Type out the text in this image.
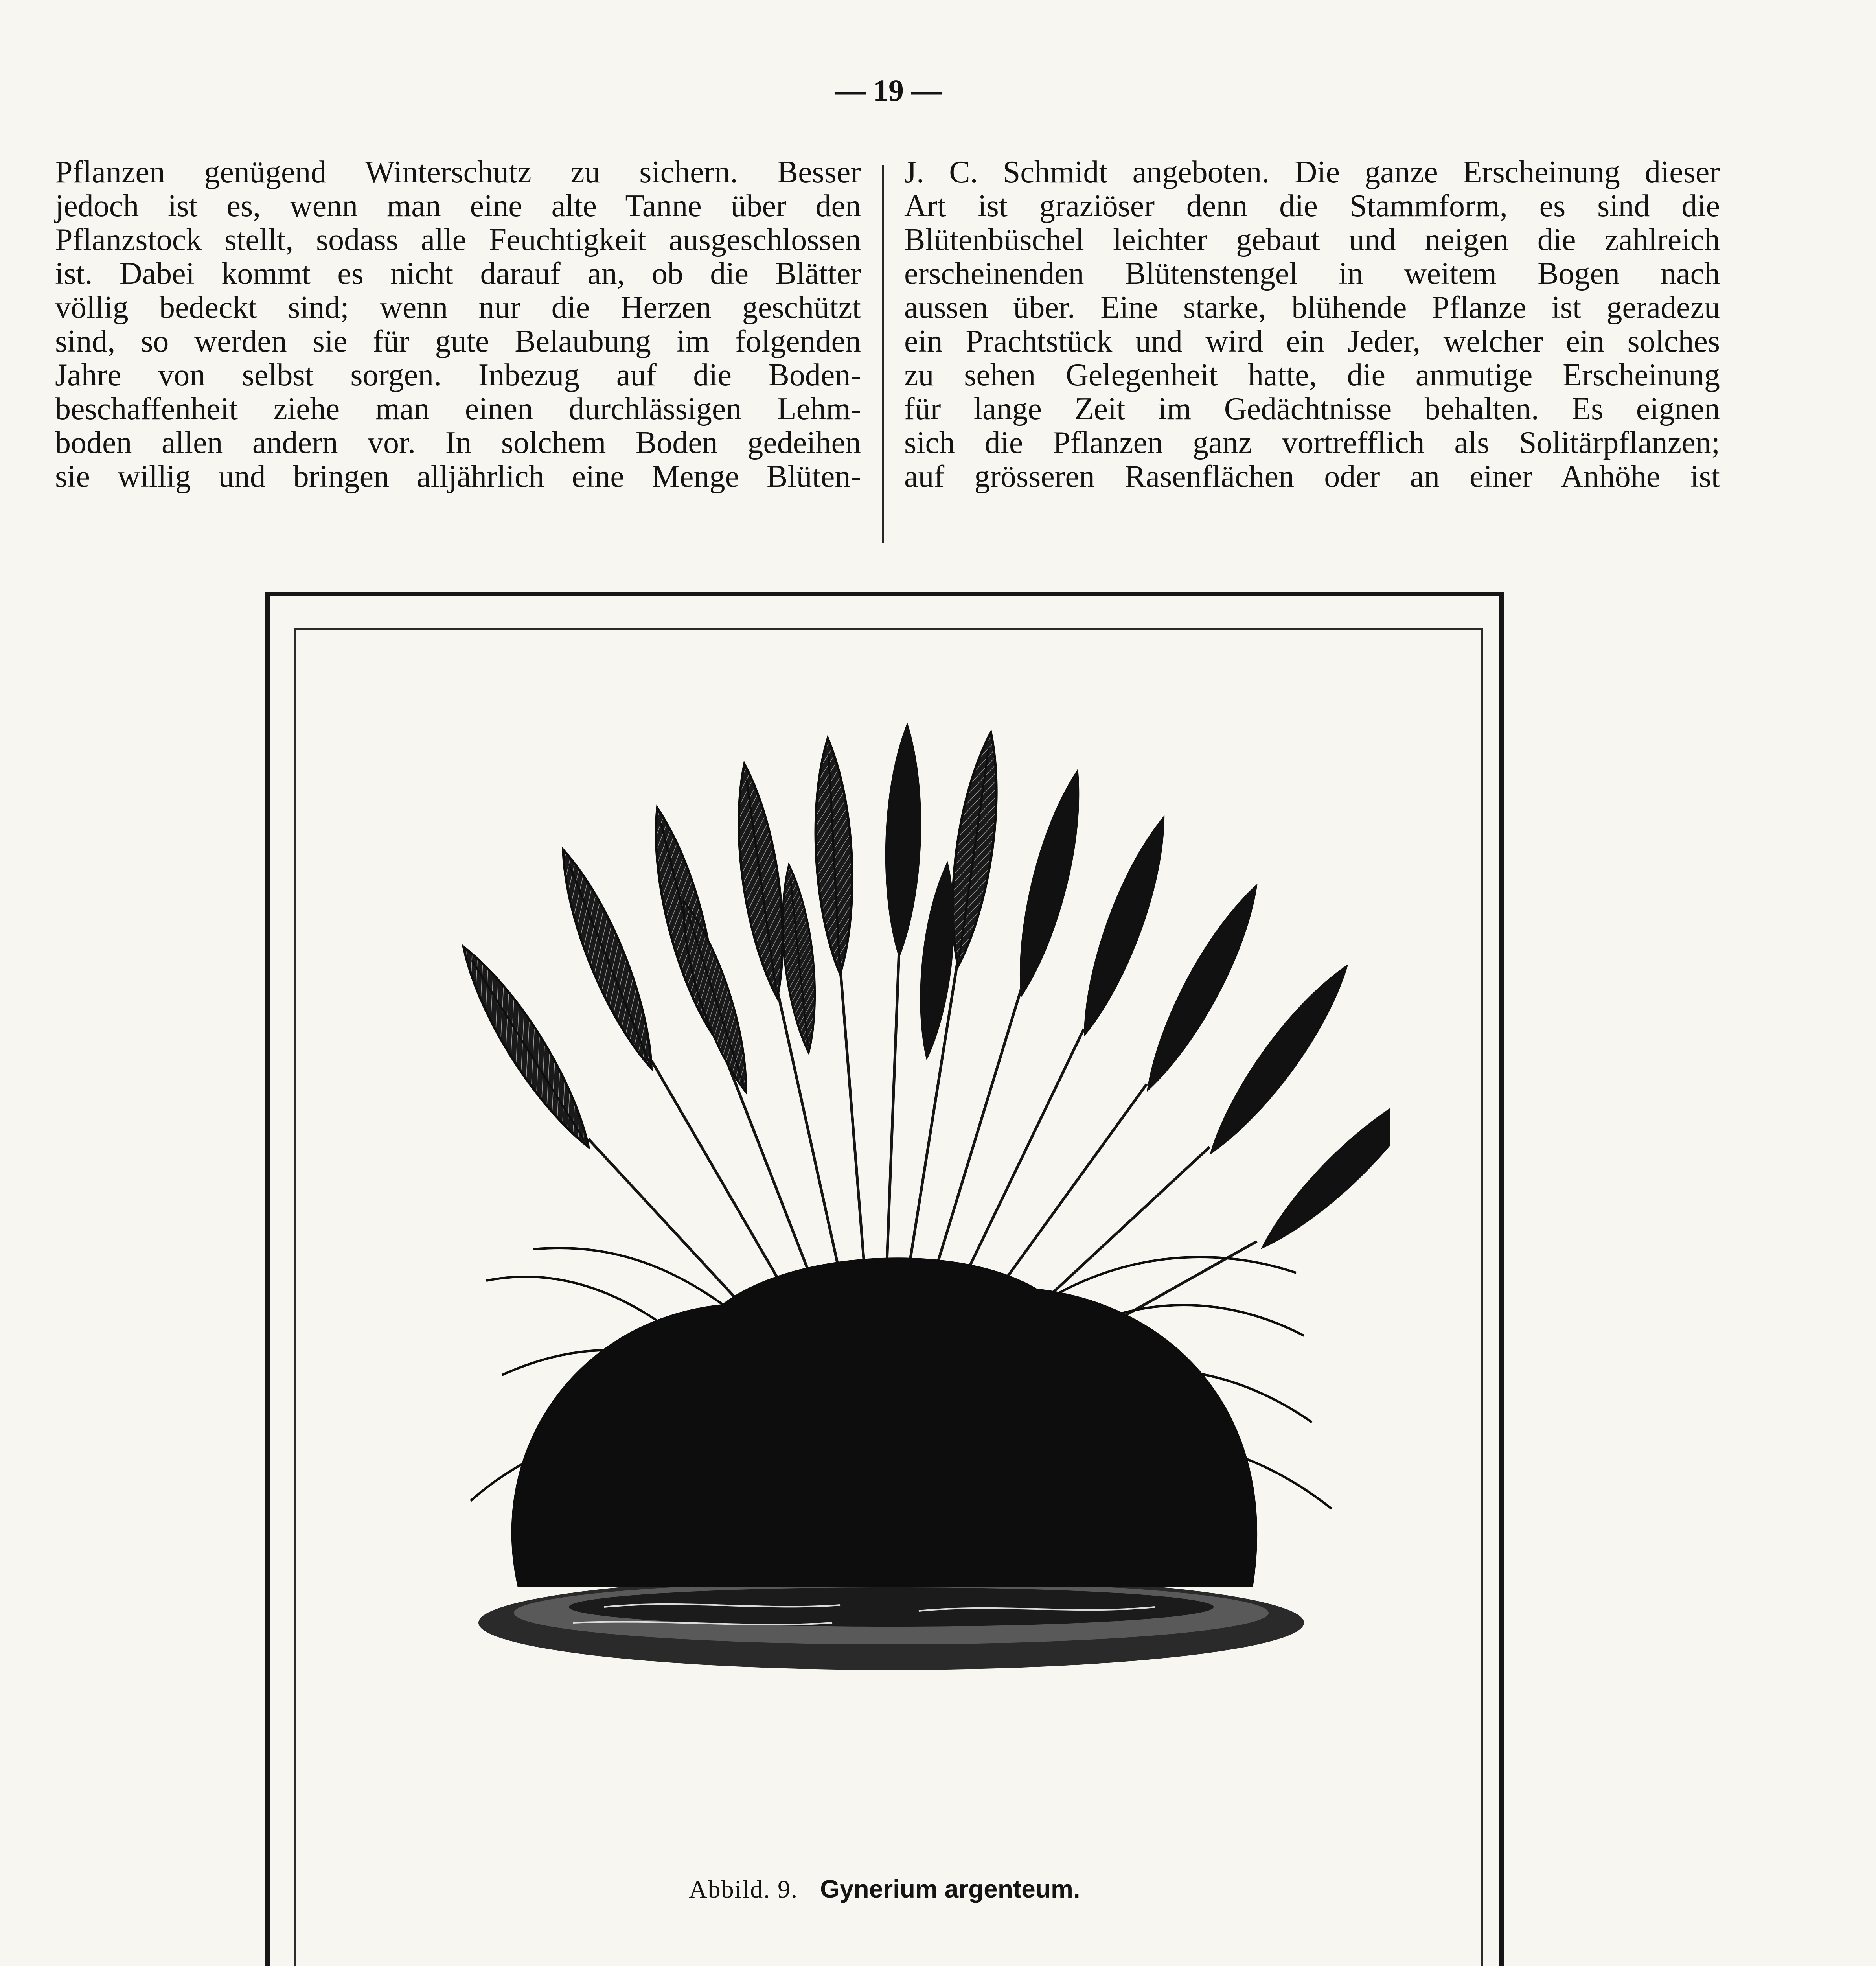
— 19 —
Pflanzen genügend Winterschutz zu sichern. Besser
jedoch ist es, wenn man eine alte Tanne über den
Pflanzstock stellt, sodass alle Feuchtigkeit ausgeschlossen
ist. Dabei kommt es nicht darauf an, ob die Blätter
völlig bedeckt sind; wenn nur die Herzen geschützt
sind, so werden sie für gute Belaubung im folgenden
Jahre von selbst sorgen. Inbezug auf die Boden-
beschaffenheit ziehe man einen durchlässigen Lehm-
boden allen andern vor. In solchem Boden gedeihen
sie willig und bringen alljährlich eine Menge Blüten-
J. C. Schmidt angeboten. Die ganze Erscheinung dieser
Art ist graziöser denn die Stammform, es sind die
Blütenbüschel leichter gebaut und neigen die zahlreich
erscheinenden Blütenstengel in weitem Bogen nach
aussen über. Eine starke, blühende Pflanze ist geradezu
ein Prachtstück und wird ein Jeder, welcher ein solches
zu sehen Gelegenheit hatte, die anmutige Erscheinung
für lange Zeit im Gedächtnisse behalten. Es eignen
sich die Pflanzen ganz vortrefflich als Solitärpflanzen;
auf grösseren Rasenflächen oder an einer Anhöhe ist
Abbild. 9. Gynerium argenteum.
